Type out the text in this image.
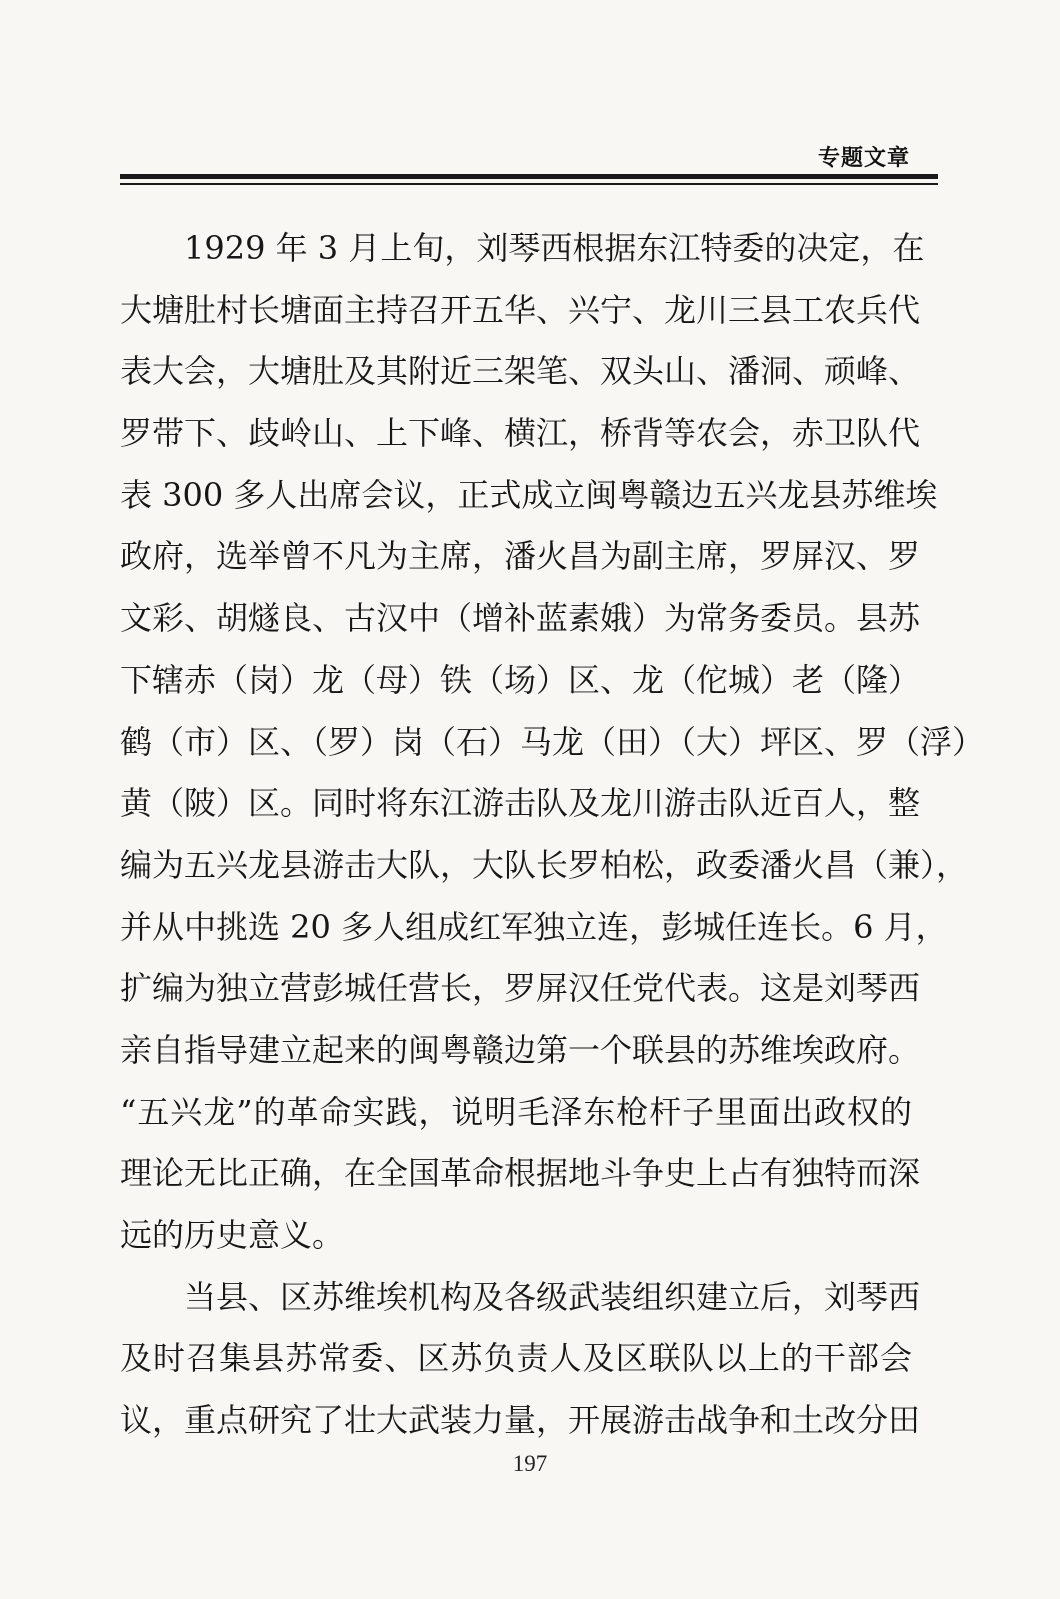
专题文章

1929 年 3 月上旬，刘琴西根据东江特委的决定，在
大塘肚村长塘面主持召开五华、兴宁、龙川三县工农兵代
表大会，大塘肚及其附近三架笔、双头山、潘洞、顽峰、
罗带下、歧岭山、上下峰、横江，桥背等农会，赤卫队代
表 300 多人出席会议，正式成立闽粤赣边五兴龙县苏维埃
政府，选举曾不凡为主席，潘火昌为副主席，罗屏汉、罗
文彩、胡燧良、古汉中（增补蓝素娥）为常务委员。县苏
下辖赤（岗）龙（母）铁（场）区、龙（佗城）老（隆）
鹤（市）区、（罗）岗（石）马龙（田）（大）坪区、罗（浮）
黄（陂）区。同时将东江游击队及龙川游击队近百人，整
编为五兴龙县游击大队，大队长罗柏松，政委潘火昌（兼），
并从中挑选 20 多人组成红军独立连，彭城任连长。6 月，
扩编为独立营彭城任营长，罗屏汉任党代表。这是刘琴西
亲自指导建立起来的闽粤赣边第一个联县的苏维埃政府。
“五兴龙”的革命实践，说明毛泽东枪杆子里面出政权的
理论无比正确，在全国革命根据地斗争史上占有独特而深
远的历史意义。

当县、区苏维埃机构及各级武装组织建立后，刘琴西
及时召集县苏常委、区苏负责人及区联队以上的干部会
议，重点研究了壮大武装力量，开展游击战争和土改分田

197
